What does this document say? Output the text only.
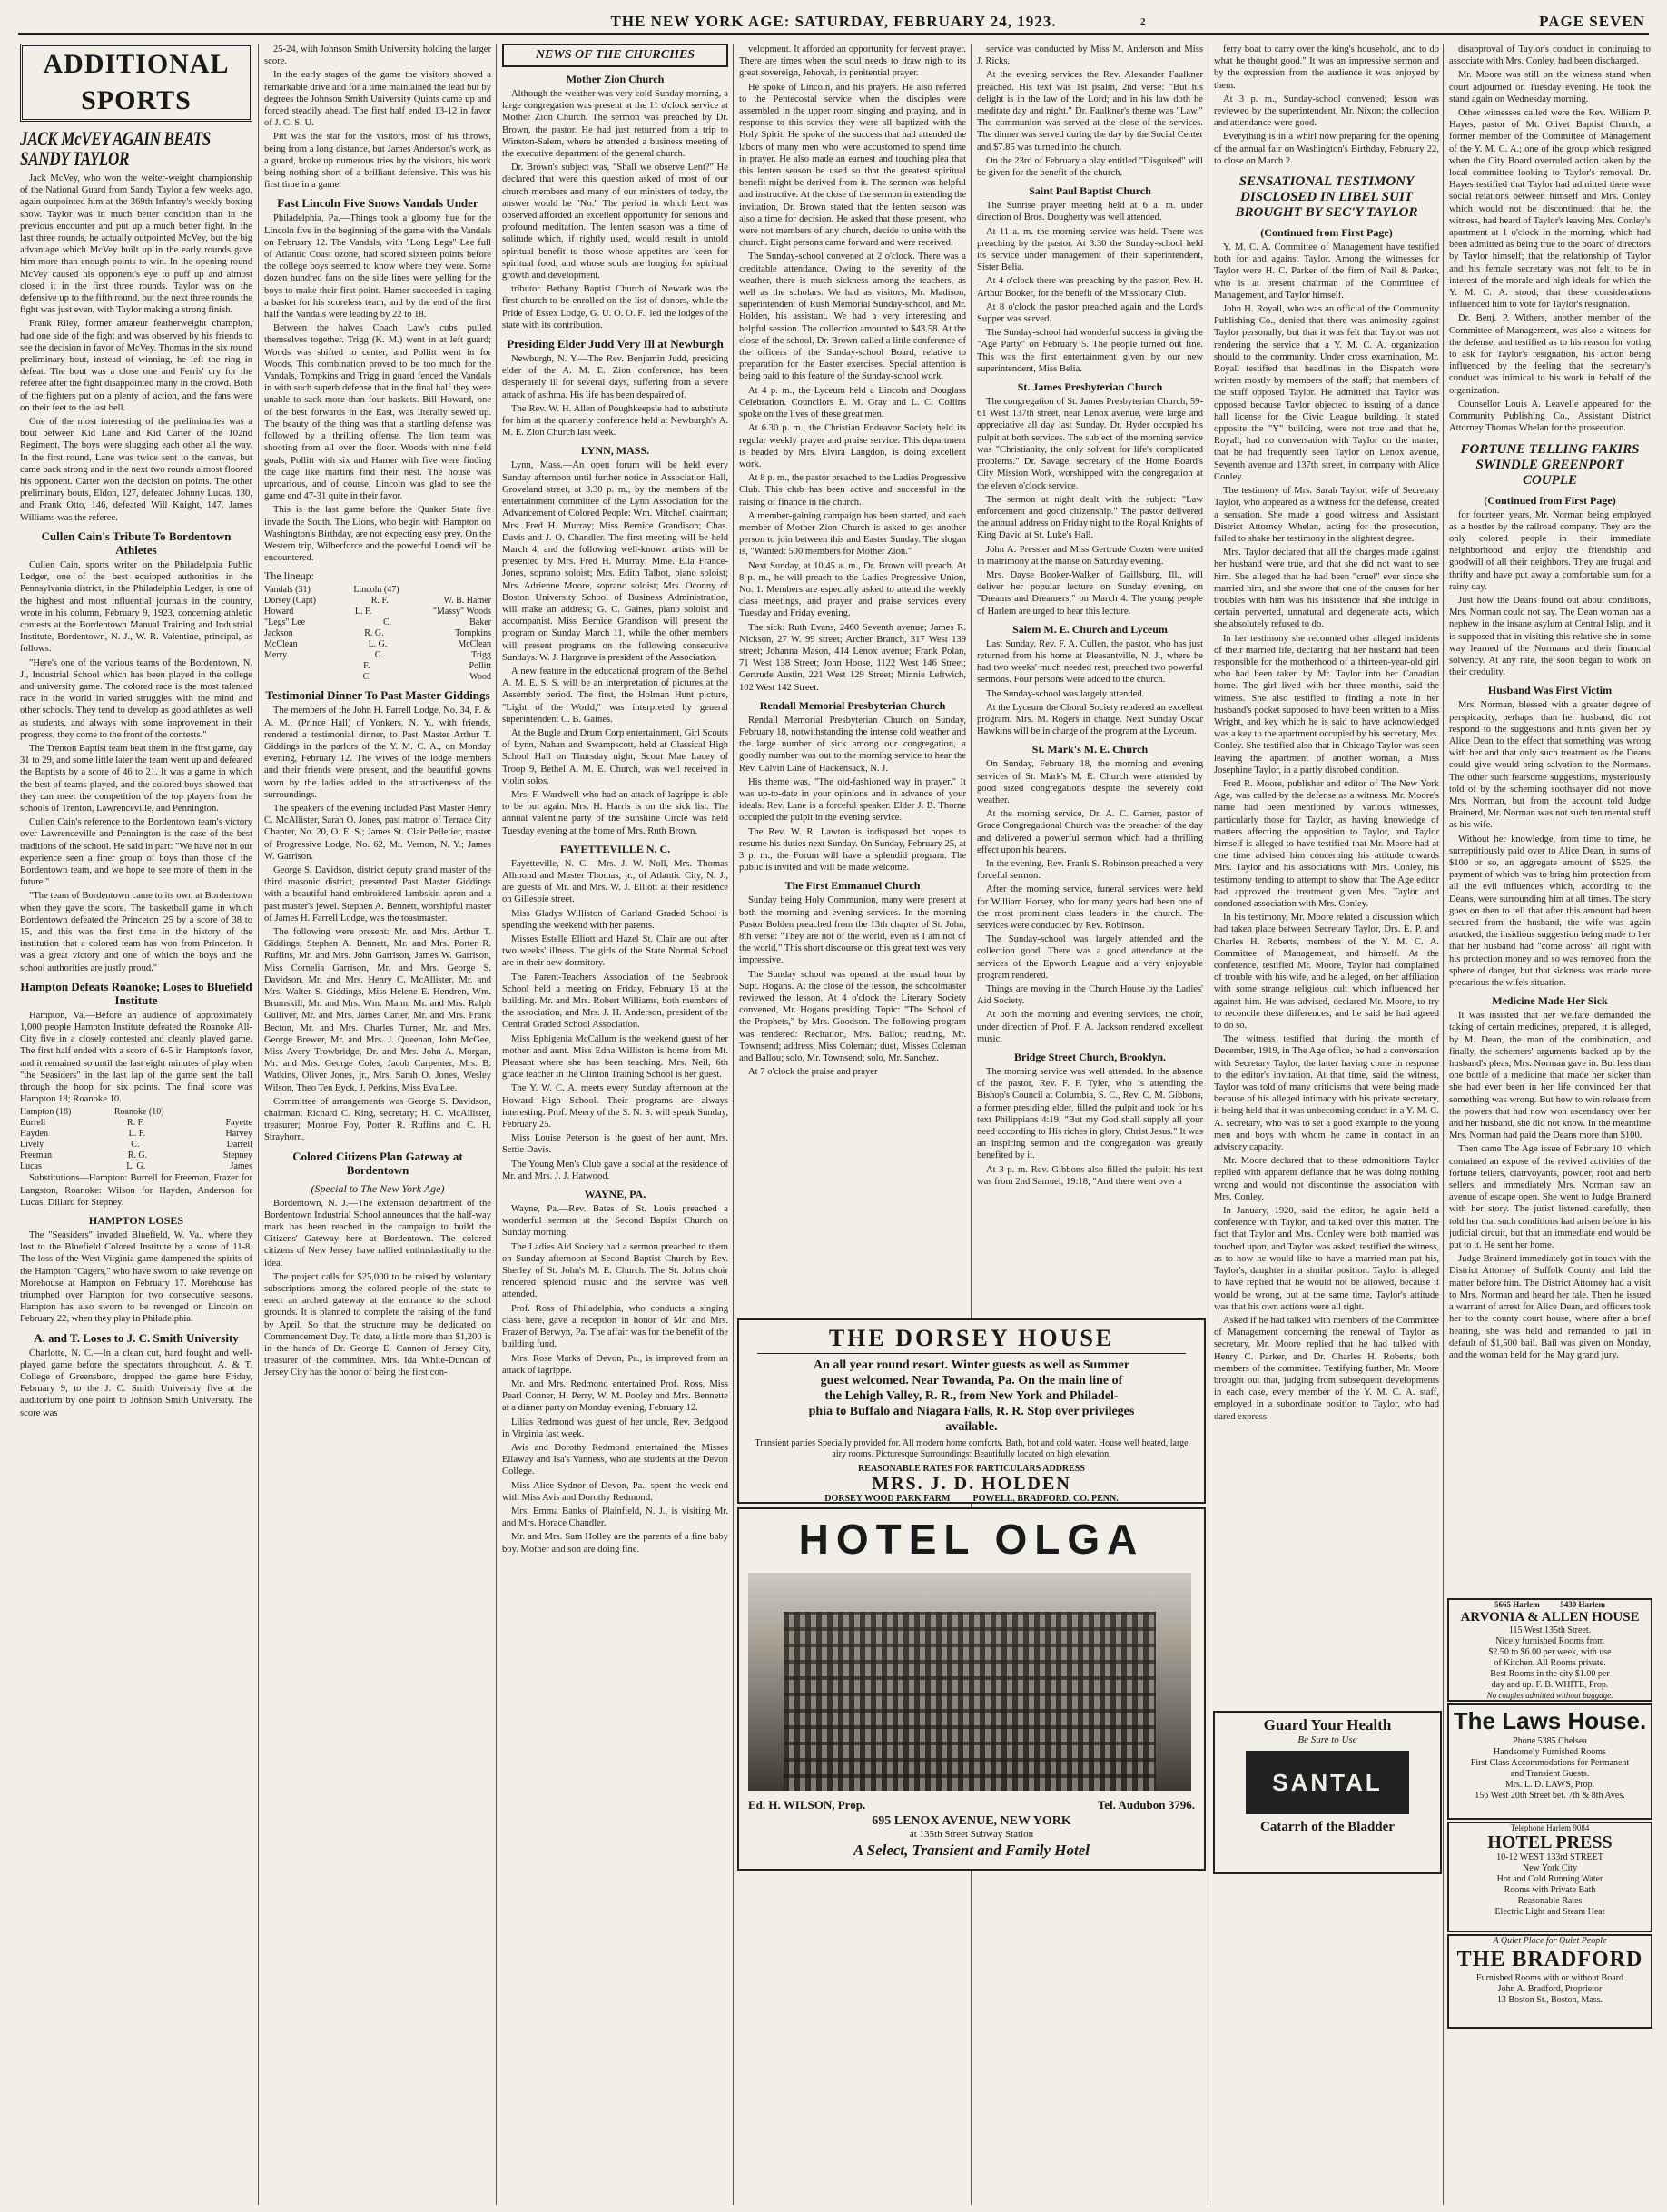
2
THE NEW YORK AGE: SATURDAY, FEBRUARY 24, 1923.	PAGE SEVEN
ADDITIONAL SPORTS
JACK McVEY AGAIN BEATS SANDY TAYLOR

Jack McVey, who won the welter-weight championship of the National Guard from Sandy Taylor a few weeks ago, again outpointed him at the 369th Infantry's weekly boxing show. Taylor was in much better condition than in the previous encounter and put up a much better fight. In the last three rounds, he actually outpointed McVey, but the big advantage which McVey built up in the early rounds gave him more than enough points to win. In the opening round McVey caused his opponent's eye to puff up and almost closed it in the first three rounds. Taylor was on the defensive up to the fifth round, but the next three rounds the fight was just even, with Taylor making a strong finish.

Frank Riley, former amateur featherweight champion, had one side of the fight and was observed by his friends to see the decision in favor of McVey. Thomas in the six round preliminary bout, instead of winning, he left the ring in defeat. The bout was a close one and Ferris' cry for the referee after the fight disappointed many in the crowd. Both of the fighters put on a plenty of action, and the fans were on their feet to the last bell.

One of the most interesting of the preliminaries was a bout between Kid Lane and Kid Carter of the 102nd Regiment. The boys were slugging each other all the way. In the first round, Lane was twice sent to the canvas, but came back strong and in the next two rounds almost floored his opponent. Carter won the decision on points. The other preliminary bouts, Eldon, 127, defeated Johnny Lucas, 130, and Frank Otto, 146, defeated Will Knight, 147. James Williams was the referee.

Cullen Cain's Tribute To Bordentown Athletes

Cullen Cain, sports writer on the Philadelphia Public Ledger, one of the best equipped authorities in the Pennsylvania district, in the Philadelphia Ledger, is one of the highest and most influential journals in the country, wrote in his column, February 9, 1923, concerning athletic contests at the Bordentown Manual Training and Industrial Institute, Bordentown, N. J., W. R. Valentine, principal, as follows:

"Here's one of the various teams of the Bordentown, N. J., Industrial School which has been played in the college and university game. The colored race is the most talented race in the world in varied struggles with the mind and other schools. They tend to develop as good athletes as well as students, and always with some improvement in their progress, they come to the front of the contests."

The Trenton Baptist team beat them in the first game, day 31 to 29, and some little later the team went up and defeated the Baptists by a score of 46 to 21. It was a game in which the best of teams played, and the colored boys showed that they can meet the competition of the top players from the schools of Trenton, Lawrenceville, and Pennington.

Cullen Cain's reference to the Bordentown team's victory over Lawrenceville and Pennington is the case of the best traditions of the school. He said in part: "We have not in our experience seen a finer group of boys than those of the Bordentown team, and we hope to see more of them in the future."

"The team of Bordentown came to its own at Bordentown when they gave the score. The basketball game in which Bordentown defeated the Princeton '25 by a score of 38 to 15, and this was the first time in the history of the institution that a colored team has won from Princeton. It was a great victory and one of which the boys and the school authorities are justly proud."

Hampton Defeats Roanoke; Loses to Bluefield Institute

Hampton, Va.—Before an audience of approximately 1,000 people Hampton Institute defeated the Roanoke All-City five in a closely contested and cleanly played game. The first half ended with a score of 6-5 in Hampton's favor, and it remained so until the last eight minutes of play when "the Seasiders" in the last lap of the game sent the ball through the hoop for six points. The final score was Hampton 18; Roanoke 10.

Hampton (18)                   Roanoke (10)
Burrell	R. F.	Fayette
Hayden	L. F.	Harvey
Lively	C.	Darrell
Freeman	R. G.	Stepney
Lucas	L. G.	James

Substitutions—Hampton: Burrell for Freeman, Frazer for Langston, Roanoke: Wilson for Hayden, Anderson for Lucas, Dillard for Stepney.

HAMPTON LOSES

The "Seasiders" invaded Bluefield, W. Va., where they lost to the Bluefield Colored Institute by a score of 11-8. The loss of the West Virginia game dampened the spirits of the Hampton "Cagers," who have sworn to take revenge on Morehouse at Hampton on February 17. Morehouse has triumphed over Hampton for two consecutive seasons. Hampton has also sworn to be revenged on Lincoln on February 22, when they play in Philadelphia.

A. and T. Loses to J. C. Smith University

Charlotte, N. C.—In a clean cut, hard fought and well-played game before the spectators throughout, A. & T. College of Greensboro, dropped the game here Friday, February 9, to the J. C. Smith University five at the auditorium by one point to Johnson Smith University. The score was

25-24, with Johnson Smith University holding the larger score.

In the early stages of the game the visitors showed a remarkable drive and for a time maintained the lead but by degrees the Johnson Smith University Quints came up and forced steadily ahead. The first half ended 13-12 in favor of J. C. S. U.

Pitt was the star for the visitors, most of his throws, being from a long distance, but James Anderson's work, as a guard, broke up numerous tries by the visitors, his work being nothing short of a brilliant defensive. This was his first time in a game.

Fast Lincoln Five Snows Vandals Under

Philadelphia, Pa.—Things took a gloomy hue for the Lincoln five in the beginning of the game with the Vandals on February 12. The Vandals, with "Long Legs" Lee full of Atlantic Coast ozone, had scored sixteen points before the college boys seemed to know where they were. Some dozen hundred fans on the side lines were yelling for the boys to make their first point. Hamer succeeded in caging a basket for his scoreless team, and by the end of the first half the Vandals were leading by 22 to 18.

Between the halves Coach Law's cubs pulled themselves together. Trigg (K. M.) went in at left guard; Woods was shifted to center, and Pollitt went in for Woods. This combination proved to be too much for the Vandals, Tompkins and Trigg in guard fenced the Vandals in with such superb defense that in the final half they were unable to sack more than four baskets. Bill Howard, one of the best forwards in the East, was literally sewed up. The beauty of the thing was that a startling defense was followed by a thrilling offense. The lion team was shooting from all over the floor. Woods with nine field goals, Pollitt with six and Hamer with five were finding the cage like martins find their nest. The house was uproarious, and of course, Lincoln was glad to see the game end 47-31 quite in their favor.

This is the last game before the Quaker State five invade the South. The Lions, who begin with Hampton on Washington's Birthday, are not expecting easy prey. On the Western trip, Wilberforce and the powerful Loendi will be encountered.

The lineup:
Vandals (31)                   Lincoln (47)
Dorsey (Capt)	R. F.	W. B. Hamer
Howard	L. F.	"Massy" Woods
"Legs" Lee	C.	Baker
Jackson	R. G.	Tompkins
McClean	L. G.	McClean
Merry	G.	Trigg
F.	Pollitt
C.	Wood
Testimonial Dinner To Past Master Giddings

The members of the John H. Farrell Lodge, No. 34, F. & A. M., (Prince Hall) of Yonkers, N. Y., with friends, rendered a testimonial dinner, to Past Master Arthur T. Giddings in the parlors of the Y. M. C. A., on Monday evening, February 12. The wives of the lodge members and their friends were present, and the beautiful gowns worn by the ladies added to the attractiveness of the surroundings.

The speakers of the evening included Past Master Henry C. McAllister, Sarah O. Jones, past matron of Terrace City Chapter, No. 20, O. E. S.; James St. Clair Pelletier, master of Progressive Lodge, No. 62, Mt. Vernon, N. Y.; James W. Garrison.

George S. Davidson, district deputy grand master of the third masonic district, presented Past Master Giddings with a beautiful hand embroidered lambskin apron and a past master's jewel. Stephen A. Bennett, worshipful master of James H. Farrell Lodge, was the toastmaster.

The following were present: Mr. and Mrs. Arthur T. Giddings, Stephen A. Bennett, Mr. and Mrs. Porter R. Ruffins, Mr. and Mrs. John Garrison, James W. Garrison, Miss Cornelia Garrison, Mr. and Mrs. George S. Davidson, Mr. and Mrs. Henry C. McAllister, Mr. and Mrs. Walter S. Giddings, Miss Helene E. Hendren, Wm. Brumskill, Mr. and Mrs. Wm. Mann, Mr. and Mrs. Ralph Gulliver, Mr. and Mrs. James Carter, Mr. and Mrs. Frank Becton, Mr. and Mrs. Charles Turner, Mr. and Mrs. George Brewer, Mr. and Mrs. J. Queenan, John McGee, Miss Avery Trowbridge, Dr. and Mrs. John A. Morgan, Mr. and Mrs. George Coles, Jacob Carpenter, Mrs. B. Watkins, Oliver Jones, jr., Mrs. Sarah O. Jones, Wesley Wilson, Theo Ten Eyck, J. Perkins, Miss Eva Lee.

Committee of arrangements was George S. Davidson, chairman; Richard C. King, secretary; H. C. McAllister, treasurer; Monroe Foy, Porter R. Ruffins and C. H. Strayhorn.

Colored Citizens Plan Gateway at Bordentown
(Special to The New York Age)

Bordentown, N. J.—The extension department of the Bordentown Industrial School announces that the half-way mark has been reached in the campaign to build the Citizens' Gateway here at Bordentown. The colored citizens of New Jersey have rallied enthusiastically to the idea.

The project calls for $25,000 to be raised by voluntary subscriptions among the colored people of the state to erect an arched gateway at the entrance to the school grounds. It is planned to complete the raising of the fund by April. So that the structure may be dedicated on Commencement Day. To date, a little more than $1,200 is in the hands of Dr. George E. Cannon of Jersey City, treasurer of the committee. Mrs. Ida White-Duncan of Jersey City has the honor of being the first con-

NEWS OF THE CHURCHES
Mother Zion Church

Although the weather was very cold Sunday morning, a large congregation was present at the 11 o'clock service at Mother Zion Church. The sermon was preached by Dr. Brown, the pastor. He had just returned from a trip to Winston-Salem, where he attended a business meeting of the executive department of the general church.

Dr. Brown's subject was, "Shall we observe Lent?" He declared that were this question asked of most of our church members and many of our ministers of today, the answer would be "No." The period in which Lent was observed afforded an excellent opportunity for serious and profound meditation. The lenten season was a time of solitude which, if rightly used, would result in untold spiritual benefit to those whose appetites are keen for spiritual food, and whose souls are longing for spiritual growth and development.

tributor. Bethany Baptist Church of Newark was the first church to be enrolled on the list of donors, while the Pride of Essex Lodge, G. U. O. O. F., led the lodges of the state with its contribution.

Presiding Elder Judd Very Ill at Newburgh

Newburgh, N. Y.—The Rev. Benjamin Judd, presiding elder of the A. M. E. Zion conference, has been desperately ill for several days, suffering from a severe attack of asthma. His life has been despaired of.

The Rev. W. H. Allen of Poughkeepsie had to substitute for him at the quarterly conference held at Newburgh's A. M. E. Zion Church last week.

LYNN, MASS.

Lynn, Mass.—An open forum will be held every Sunday afternoon until further notice in Association Hall, Groveland street, at 3.30 p. m., by the members of the entertainment committee of the Lynn Association for the Advancement of Colored People: Wm. Mitchell chairman; Mrs. Fred H. Murray; Miss Bernice Grandison; Chas. Davis and J. O. Chandler. The first meeting will be held March 4, and the following well-known artists will be presented by Mrs. Fred H. Murray; Mme. Ella France-Jones, soprano soloist; Mrs. Edith Talbot, piano soloist; Mrs. Adrienne Moore, soprano soloist; Mrs. Oconny of Boston University School of Business Administration, will make an address; G. C. Gaines, piano soloist and accompanist. Miss Bernice Grandison will present the program on Sunday March 11, while the other members will present programs on the following consecutive Sundays. W. J. Hargrave is president of the Association.

A new feature in the educational program of the Bethel A. M. E. S. S. will be an interpretation of pictures at the Assembly period. The first, the Holman Hunt picture, "Light of the World," was interpreted by general superintendent C. B. Gaines.

At the Bugle and Drum Corp entertainment, Girl Scouts of Lynn, Nahan and Swampscott, held at Classical High School Hall on Thursday night, Scout Mae Lacey of Troop 9, Bethel A. M. E. Church, was well received in violin solos.

Mrs. F. Wardwell who had an attack of lagrippe is able to be out again. Mrs. H. Harris is on the sick list. The annual valentine party of the Sunshine Circle was held Tuesday evening at the home of Mrs. Ruth Brown.

FAYETTEVILLE N. C.

Fayetteville, N. C.—Mrs. J. W. Noll, Mrs. Thomas Allmond and Master Thomas, jr., of Atlantic City, N. J., are guests of Mr. and Mrs. W. J. Elliott at their residence on Gillespie street.

Miss Gladys Williston of Garland Graded School is spending the weekend with her parents.

Misses Estelle Elliott and Hazel St. Clair are out after two weeks' illness. The girls of the State Normal School are in their new dormitory.

The Parent-Teachers Association of the Seabrook School held a meeting on Friday, February 16 at the building. Mr. and Mrs. Robert Williams, both members of the association, and Mrs. J. H. Anderson, president of the Central Graded School Association.

Miss Ephigenia McCallum is the weekend guest of her mother and aunt. Miss Edna Williston is home from Mt. Pleasant where she has been teaching. Mrs. Neil, 6th grade teacher in the Clinton Training School is her guest.

The Y. W. C. A. meets every Sunday afternoon at the Howard High School. Their programs are always interesting. Prof. Meery of the S. N. S. will speak Sunday, February 25.

Miss Louise Peterson is the guest of her aunt, Mrs. Settie Davis.

The Young Men's Club gave a social at the residence of Mr. and Mrs. J. J. Hatwood.

WAYNE, PA.

Wayne, Pa.—Rev. Bates of St. Louis preached a wonderful sermon at the Second Baptist Church on Sunday morning.

The Ladies Aid Society had a sermon preached to them on Sunday afternoon at Second Baptist Church by Rev. Sherley of St. John's M. E. Church. The St. Johns choir rendered splendid music and the service was well attended.

Prof. Ross of Philadelphia, who conducts a singing class here, gave a reception in honor of Mr. and Mrs. Frazer of Berwyn, Pa. The affair was for the benefit of the building fund.

Mrs. Rose Marks of Devon, Pa., is improved from an attack of lagrippe.

Mr. and Mrs. Redmond entertained Prof. Ross, Miss Pearl Conner, H. Perry, W. M. Pooley and Mrs. Bennette at a dinner party on Monday evening, February 12.

Lilias Redmond was guest of her uncle, Rev. Bedgood in Virginia last week.

Avis and Dorothy Redmond entertained the Misses Ellaway and Isa's Vanness, who are students at the Devon College.

Miss Alice Sydnor of Devon, Pa., spent the week end with Miss Avis and Dorothy Redmond.

Mrs. Emma Banks of Plainfield, N. J., is visiting Mr. and Mrs. Horace Chandler.

Mr. and Mrs. Sam Holley are the parents of a fine baby boy. Mother and son are doing fine.

velopment. It afforded an opportunity for fervent prayer. There are times when the soul needs to draw nigh to its great sovereign, Jehovah, in penitential prayer.

He spoke of Lincoln, and his prayers. He also referred to the Pentecostal service when the disciples were assembled in the upper room singing and praying, and in response to this service they were all baptized with the Holy Spirit. He spoke of the success that had attended the labors of many men who were accustomed to spend time in prayer. He also made an earnest and touching plea that this lenten season be used so that the greatest spiritual benefit might be derived from it. The sermon was helpful and instructive. At the close of the sermon in extending the invitation, Dr. Brown stated that the lenten season was also a time for decision. He asked that those present, who were not members of any church, decide to unite with the church. Eight persons came forward and were received.

The Sunday-school convened at 2 o'clock. There was a creditable attendance. Owing to the severity of the weather, there is much sickness among the teachers, as well as the scholars. We had as visitors, Mr. Madison, superintendent of Rush Memorial Sunday-school, and Mr. Holden, his assistant. We had a very interesting and helpful session. The collection amounted to $43.58. At the close of the school, Dr. Brown called a little conference of the officers of the Sunday-school Board, relative to preparation for the Easter exercises. Special attention is being paid to this feature of the Sunday-school work.

At 4 p. m., the Lyceum held a Lincoln and Douglass Celebration. Councilors E. M. Gray and L. C. Collins spoke on the lives of these great men.

At 6.30 p. m., the Christian Endeavor Society held its regular weekly prayer and praise service. This department is headed by Mrs. Elvira Langdon, is doing excellent work.

At 8 p. m., the pastor preached to the Ladies Progressive Club. This club has been active and successful in the raising of finance in the church.

A member-gaining campaign has been started, and each member of Mother Zion Church is asked to get another person to join between this and Easter Sunday. The slogan is, "Wanted: 500 members for Mother Zion."

Next Sunday, at 10.45 a. m., Dr. Brown will preach. At 8 p. m., he will preach to the Ladies Progressive Union, No. 1. Members are especially asked to attend the weekly class meetings, and prayer and praise services every Tuesday and Friday evening.

The sick: Ruth Evans, 2460 Seventh avenue; James R. Nickson, 27 W. 99 street; Archer Branch, 317 West 139 street; Johanna Mason, 414 Lenox avenue; Frank Polan, 71 West 138 Street; John Hoose, 1122 West 146 Street; Gertrude Austin, 221 West 129 Street; Minnie Leftwich, 102 West 142 Street.

Rendall Memorial Presbyterian Church

Rendall Memorial Presbyterian Church on Sunday, February 18, notwithstanding the intense cold weather and the large number of sick among our congregation, a goodly number was out to the morning service to hear the Rev. Calvin Lane of Hackensack, N. J.

His theme was, "The old-fashioned way in prayer." It was up-to-date in your opinions and in advance of your ideals. Rev. Lane is a forceful speaker. Elder J. B. Thorne occupied the pulpit in the evening service.

The Rev. W. R. Lawton is indisposed but hopes to resume his duties next Sunday. On Sunday, February 25, at 3 p. m., the Forum will have a splendid program. The public is invited and will be made welcome.

The First Emmanuel Church

Sunday being Holy Communion, many were present at both the morning and evening services. In the morning Pastor Bolden preached from the 13th chapter of St. John, 8th verse: "They are not of the world, even as I am not of the world." This short discourse on this great text was very impressive.

The Sunday school was opened at the usual hour by Supt. Hogans. At the close of the lesson, the schoolmaster reviewed the lesson. At 4 o'clock the Literary Society convened, Mr. Hogans presiding. Topic: "The School of the Prophets," by Mrs. Goodson. The following program was rendered: Recitation, Mrs. Ballou; reading, Mr. Townsend; address, Miss Coleman; duet, Misses Coleman and Ballou; solo, Mr. Townsend; solo, Mr. Sanchez.

At 7 o'clock the praise and prayer

service was conducted by Miss M. Anderson and Miss J. Ricks.

At the evening services the Rev. Alexander Faulkner preached. His text was 1st psalm, 2nd verse: "But his delight is in the law of the Lord; and in his law doth he meditate day and night." Dr. Faulkner's theme was "Law." The communion was served at the close of the services. The dinner was served during the day by the Social Center and $7.85 was turned into the church.

On the 23rd of February a play entitled "Disguised" will be given for the benefit of the church.

Saint Paul Baptist Church

The Sunrise prayer meeting held at 6 a. m. under direction of Bros. Dougherty was well attended.

At 11 a. m. the morning service was held. There was preaching by the pastor. At 3.30 the Sunday-school held its service under management of their superintendent, Sister Belia.

At 4 o'clock there was preaching by the pastor, Rev. H. Arthur Booker, for the benefit of the Missionary Club.

At 8 o'clock the pastor preached again and the Lord's Supper was served.

The Sunday-school had wonderful success in giving the "Age Party" on February 5. The people turned out fine. This was the first entertainment given by our new superintendent, Miss Belia.

St. James Presbyterian Church

The congregation of St. James Presbyterian Church, 59-61 West 137th street, near Lenox avenue, were large and appreciative all day last Sunday. Dr. Hyder occupied his pulpit at both services. The subject of the morning service was "Christianity, the only solvent for life's complicated problems." Dr. Savage, secretary of the Home Board's City Mission Work, worshipped with the congregation at the eleven o'clock service.

The sermon at night dealt with the subject: "Law enforcement and good citizenship." The pastor delivered the annual address on Friday night to the Royal Knights of King David at St. Luke's Hall.

John A. Pressler and Miss Gertrude Cozen were united in matrimony at the manse on Saturday evening.

Mrs. Dayse Booker-Walker of Gaillsburg, Ill., will deliver her popular lecture on Sunday evening, on "Dreams and Dreamers," on March 4. The young people of Harlem are urged to hear this lecture.

Salem M. E. Church and Lyceum

Last Sunday, Rev. F. A. Cullen, the pastor, who has just returned from his home at Pleasantville, N. J., where he had two weeks' much needed rest, preached two powerful sermons. Four persons were added to the church.

The Sunday-school was largely attended.

At the Lyceum the Choral Society rendered an excellent program. Mrs. M. Rogers in charge. Next Sunday Oscar Hawkins will be in charge of the program at the Lyceum.

St. Mark's M. E. Church

On Sunday, February 18, the morning and evening services of St. Mark's M. E. Church were attended by good sized congregations despite the severely cold weather.

At the morning service, Dr. A. C. Garner, pastor of Grace Congregational Church was the preacher of the day and delivered a powerful sermon which had a thrilling effect upon his hearers.

In the evening, Rev. Frank S. Robinson preached a very forceful sermon.

After the morning service, funeral services were held for William Horsey, who for many years had been one of the most prominent class leaders in the church. The services were conducted by Rev. Robinson.

The Sunday-school was largely attended and the collection good. There was a good attendance at the services of the Epworth League and a very enjoyable program rendered.

Things are moving in the Church House by the Ladies' Aid Society.

At both the morning and evening services, the choir, under direction of Prof. F. A. Jackson rendered excellent music.

Bridge Street Church, Brooklyn.

The morning service was well attended. In the absence of the pastor, Rev. F. F. Tyler, who is attending the Bishop's Council at Columbia, S. C., Rev. C. M. Gibbons, a former presiding elder, filled the pulpit and took for his text Philippians 4:19, "But my God shall supply all your need according to His riches in glory, Christ Jesus." It was an inspiring sermon and the congregation was greatly benefited by it.

At 3 p. m. Rev. Gibbons also filled the pulpit; his text was from 2nd Samuel, 19:18, "And there went over a

ferry boat to carry over the king's household, and to do what he thought good." It was an impressive sermon and by the expression from the audience it was enjoyed by them.

At 3 p. m., Sunday-school convened; lesson was reviewed by the superintendent, Mr. Nixon; the collection and attendance were good.

Everything is in a whirl now preparing for the opening of the annual fair on Washington's Birthday, February 22, to close on March 2.

SENSATIONAL TESTIMONY DISCLOSED IN LIBEL SUIT BROUGHT BY SEC'Y TAYLOR
(Continued from First Page)

Y. M. C. A. Committee of Management have testified both for and against Taylor. Among the witnesses for Taylor were H. C. Parker of the firm of Nail & Parker, who is at present chairman of the Committee of Management, and Taylor himself.

John H. Royall, who was an official of the Community Publishing Co., denied that there was animosity against Taylor personally, but that it was felt that Taylor was not rendering the service that a Y. M. C. A. organization should to the community. Under cross examination, Mr. Royall testified that headlines in the Dispatch were written mostly by members of the staff; that members of the staff opposed Taylor. He admitted that Taylor was opposed because Taylor objected to issuing of a dance hall license for the Civic League building. It stated opposite the "Y" building, were not true and that he, Royall, had no conversation with Taylor on the matter; that he had frequently seen Taylor on Lenox avenue, Seventh avenue and 137th street, in company with Alice Conley.

The testimony of Mrs. Sarah Taylor, wife of Secretary Taylor, who appeared as a witness for the defense, created a sensation. She made a good witness and Assistant District Attorney Whelan, acting for the prosecution, failed to shake her testimony in the slightest degree.

Mrs. Taylor declared that all the charges made against her husband were true, and that she did not want to see him. She alleged that he had been "cruel" ever since she married him, and she swore that one of the causes for her troubles with him was his insistence that she indulge in certain perverted, unnatural and degenerate acts, which she absolutely refused to do.

In her testimony she recounted other alleged incidents of their married life, declaring that her husband had been responsible for the motherhood of a thirteen-year-old girl who had been taken by Mr. Taylor into her Canadian home. The girl lived with her three months, said the witness. She also testified to finding a note in her husband's pocket supposed to have been written to a Miss Wright, and key which he is said to have acknowledged was a key to the apartment occupied by his secretary, Mrs. Conley. She testified also that in Chicago Taylor was seen leaving the apartment of another woman, a Miss Josephine Taylor, in a partly disrobed condition.

Fred R. Moore, publisher and editor of The New York Age, was called by the defense as a witness. Mr. Moore's name had been mentioned by various witnesses, particularly those for Taylor, as having knowledge of matters affecting the opposition to Taylor, and Taylor himself is alleged to have testified that Mr. Moore had at one time advised him concerning his attitude towards Mrs. Taylor and his associations with Mrs. Conley, his testimony tending to attempt to show that The Age editor had approved the treatment given Mrs. Taylor and condoned association with Mrs. Conley.

In his testimony, Mr. Moore related a discussion which had taken place between Secretary Taylor, Drs. E. P. and Charles H. Roberts, members of the Y. M. C. A. Committee of Management, and himself. At the conference, testified Mr. Moore, Taylor had complained of trouble with his wife, and he alleged, on her affiliation with some strange religious cult which influenced her against him. He was advised, declared Mr. Moore, to try to reconcile these differences, and he said he had agreed to do so.

The witness testified that during the month of December, 1919, in The Age office, he had a conversation with Secretary Taylor, the latter having come in response to the editor's invitation. At that time, said the witness, Taylor was told of many criticisms that were being made because of his alleged intimacy with his private secretary, it being held that it was unbecoming conduct in a Y. M. C. A. secretary, who was to set a good example to the young men and boys with whom he came in contact in an advisory capacity.

Mr. Moore declared that to these admonitions Taylor replied with apparent defiance that he was doing nothing wrong and would not discontinue the association with Mrs. Conley.

In January, 1920, said the editor, he again held a conference with Taylor, and talked over this matter. The fact that Taylor and Mrs. Conley were both married was touched upon, and Taylor was asked, testified the witness, as to how he would like to have a married man put his, Taylor's, daughter in a similar position. Taylor is alleged to have replied that he would not be allowed, because it would be wrong, but at the same time, Taylor's attitude was that his own actions were all right.

Asked if he had talked with members of the Committee of Management concerning the renewal of Taylor as secretary, Mr. Moore replied that he had talked with Henry C. Parker, and Dr. Charles H. Roberts, both members of the committee. Testifying further, Mr. Moore brought out that, judging from subsequent developments in each case, every member of the Y. M. C. A. staff, employed in a subordinate position to Taylor, who had dared express

disapproval of Taylor's conduct in continuing to associate with Mrs. Conley, had been discharged.

Mr. Moore was still on the witness stand when court adjourned on Tuesday evening. He took the stand again on Wednesday morning.

Other witnesses called were the Rev. William P. Hayes, pastor of Mt. Olivet Baptist Church, a former member of the Committee of Management of the Y. M. C. A.; one of the group which resigned when the City Board overruled action taken by the local committee looking to Taylor's removal. Dr. Hayes testified that Taylor had admitted there were social relations between himself and Mrs. Conley which would not be discontinued; that he, the witness, had heard of Taylor's leaving Mrs. Conley's apartment at 1 o'clock in the morning, which had been admitted as being true to the board of directors by Taylor himself; that the relationship of Taylor and his female secretary was not felt to be in interest of the morale and high ideals for which the Y. M. C. A. stood; that these considerations influenced him to vote for Taylor's resignation.

Dr. Benj. P. Withers, another member of the Committee of Management, was also a witness for the defense, and testified as to his reason for voting to ask for Taylor's resignation, his action being influenced by the feeling that the secretary's conduct was inimical to his work in behalf of the organization.

Counsellor Louis A. Leavelle appeared for the Community Publishing Co., Assistant District Attorney Thomas Whelan for the prosecution.

FORTUNE TELLING FAKIRS SWINDLE GREENPORT COUPLE
(Continued from First Page)

for fourteen years, Mr. Norman being employed as a hostler by the railroad company. They are the only colored people in their immediate neighborhood and enjoy the friendship and goodwill of all their neighbors. They are frugal and thrifty and have put away a comfortable sum for a rainy day.

Just how the Deans found out about conditions, Mrs. Norman could not say. The Dean woman has a nephew in the insane asylum at Central Islip, and it is supposed that in visiting this relative she in some way learned of the Normans and their financial solvency. At any rate, the soon began to work on their credulity.

Husband Was First Victim

Mrs. Norman, blessed with a greater degree of perspicacity, perhaps, than her husband, did not respond to the suggestions and hints given her by Alice Dean to the effect that something was wrong with her and that only such treatment as the Deans could give would bring salvation to the Normans. The other such fearsome suggestions, mysteriously told of by the scheming soothsayer did not move Mrs. Norman, but from the account told Judge Brainerd, Mr. Norman was not such ten mental stuff as his wife.

Without her knowledge, from time to time, he surreptitiously paid over to Alice Dean, in sums of $100 or so, an aggregate amount of $525, the payment of which was to bring him protection from all the evil influences which, according to the Deans, were surrounding him at all times. The story goes on then to tell that after this amount had been secured from the husband, the wife was again attacked, the insidious suggestion being made to her that her husband had "come across" all right with his protection money and so was removed from the sphere of danger, but that sickness was made more precarious the wife's situation.

Medicine Made Her Sick

It was insisted that her welfare demanded the taking of certain medicines, prepared, it is alleged, by M. Dean, the man of the combination, and finally, the schemers' arguments backed up by the husband's pleas, Mrs. Norman gave in. But less than one bottle of a medicine that made her sicker than she had ever been in her life convinced her that something was wrong. But how to win release from the powers that had now won ascendancy over her and her husband, she did not know. In the meantime Mrs. Norman had paid the Deans more than $100.

Then came The Age issue of February 10, which contained an expose of the revived activities of the fortune tellers, clairvoyants, powder, root and herb sellers, and immediately Mrs. Norman saw an avenue of escape open. She went to Judge Brainerd with her story. The jurist listened carefully, then told her that such conditions had arisen before in his judicial circuit, but that an immediate end would be put to it. He sent her home.

Judge Brainerd immediately got in touch with the District Attorney of Suffolk County and laid the matter before him. The District Attorney had a visit to Mrs. Norman and heard her tale. Then he issued a warrant of arrest for Alice Dean, and officers took her to the county court house, where after a brief hearing, she was held and remanded to jail in default of $1,500 bail. Bail was given on Monday, and the woman held for the May grand jury.

THE DORSEY HOUSE
An all year round resort. Winter guests as well as Summer
guest welcomed. Near Towanda, Pa. On the main line of
the Lehigh Valley, R. R., from New York and Philadel-
phia to Buffalo and Niagara Falls, R. R. Stop over privileges
available.
Transient parties Specially provided for. All modern home comforts. Bath, hot and cold water. House well heated, large airy rooms. Picturesque Surroundings: Beautifully located on high elevation.
REASONABLE RATES FOR PARTICULARS ADDRESS
MRS. J. D. HOLDEN
DORSEY WOOD PARK FARM          POWELL, BRADFORD, CO. PENN.
HOTEL OLGA
Ed. H. WILSON, Prop.	Tel. Audubon 3796.
695 LENOX AVENUE, NEW YORK
at 135th Street Subway Station
A Select, Transient and Family Hotel
Guard Your Health
Be Sure to Use
SANTAL
Catarrh of the Bladder
5665 Harlem          5430 Harlem
ARVONIA & ALLEN HOUSE
115 West 135th Street.
Nicely furnished Rooms from
$2.50 to $6.00 per week, with use
of Kitchen. All Rooms private.
Best Rooms in the city $1.00 per
day and up. F. B. WHITE, Prop.
No couples admitted without baggage.
The Laws House.
Phone 5385 Chelsea
Handsomely Furnished Rooms
First Class Accommodations for Permanent
and Transient Guests.
Mrs. L. D. LAWS, Prop.
156 West 20th Street bet. 7th & 8th Aves.
Telephone Harlem 9084
HOTEL PRESS
10-12 WEST 133rd STREET
New York City
Hot and Cold Running Water
Rooms with Private Bath
Reasonable Rates
Electric Light and Steam Heat
A Quiet Place for Quiet People
THE BRADFORD
Furnished Rooms with or without Board
John A. Bradford, Proprietor
13 Boston St., Boston, Mass.
